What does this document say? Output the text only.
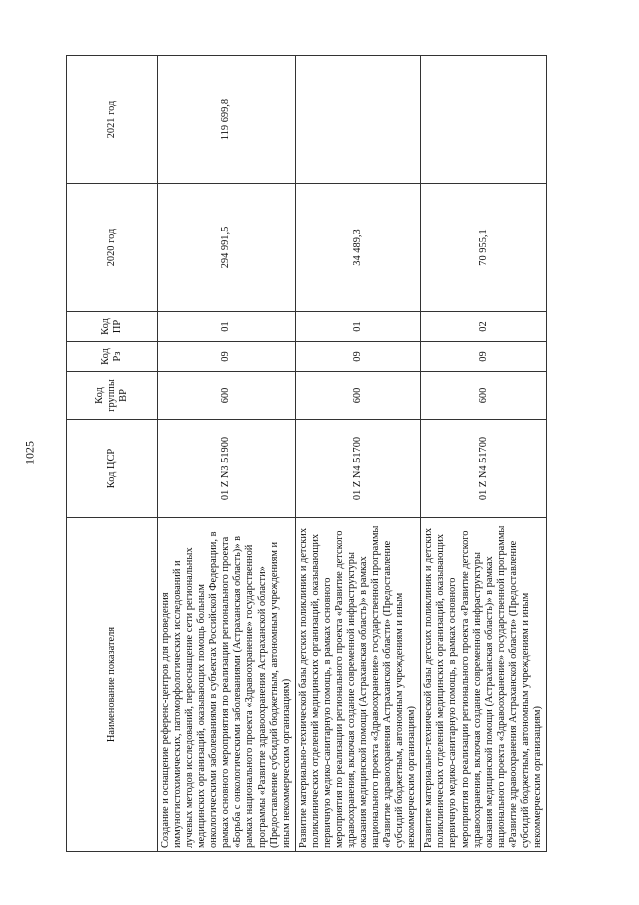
1025
Наименование показателя	Код ЦСР	Код группы ВР	Код Рз	Код ПР	2020 год	2021 год
Создание и оснащение референс-центров для проведения иммуногистохимических, патоморфологических исследований и лучевых методов исследований, переоснащение сети региональных медицинских организаций, оказывающих помощь больным онкологическими заболеваниями в субъектах Российской Федерации, в рамках основного мероприятия по реализации регионального проекта «Борьба с онкологическими заболеваниями (Астраханская область)» в рамках национального проекта «Здравоохранение» государственной программы «Развитие здравоохранения Астраханской области» (Предоставление субсидий бюджетным, автономным учреждениям и иным некоммерческим организациям)	01 Z N3 51900	600	09	01	294 991,5	119 699,8
Развитие материально-технической базы детских поликлиник и детских поликлинических отделений медицинских организаций, оказывающих первичную медико-санитарную помощь, в рамках основного мероприятия по реализации регионального проекта «Развитие детского здравоохранения, включая создание современной инфраструктуры оказания медицинской помощи (Астраханская область)» в рамках национального проекта «Здравоохранение» государственной программы «Развитие здравоохранения Астраханской области» (Предоставление субсидий бюджетным, автономным учреждениям и иным некоммерческим организациям)	01 Z N4 51700	600	09	01	34 489,3	
Развитие материально-технической базы детских поликлиник и детских поликлинических отделений медицинских организаций, оказывающих первичную медико-санитарную помощь, в рамках основного мероприятия по реализации регионального проекта «Развитие детского здравоохранения, включая создание современной инфраструктуры оказания медицинской помощи (Астраханская область)» в рамках национального проекта «Здравоохранение» государственной программы «Развитие здравоохранения Астраханской области» (Предоставление субсидий бюджетным, автономным учреждениям и иным некоммерческим организациям)	01 Z N4 51700	600	09	02	70 955,1	
